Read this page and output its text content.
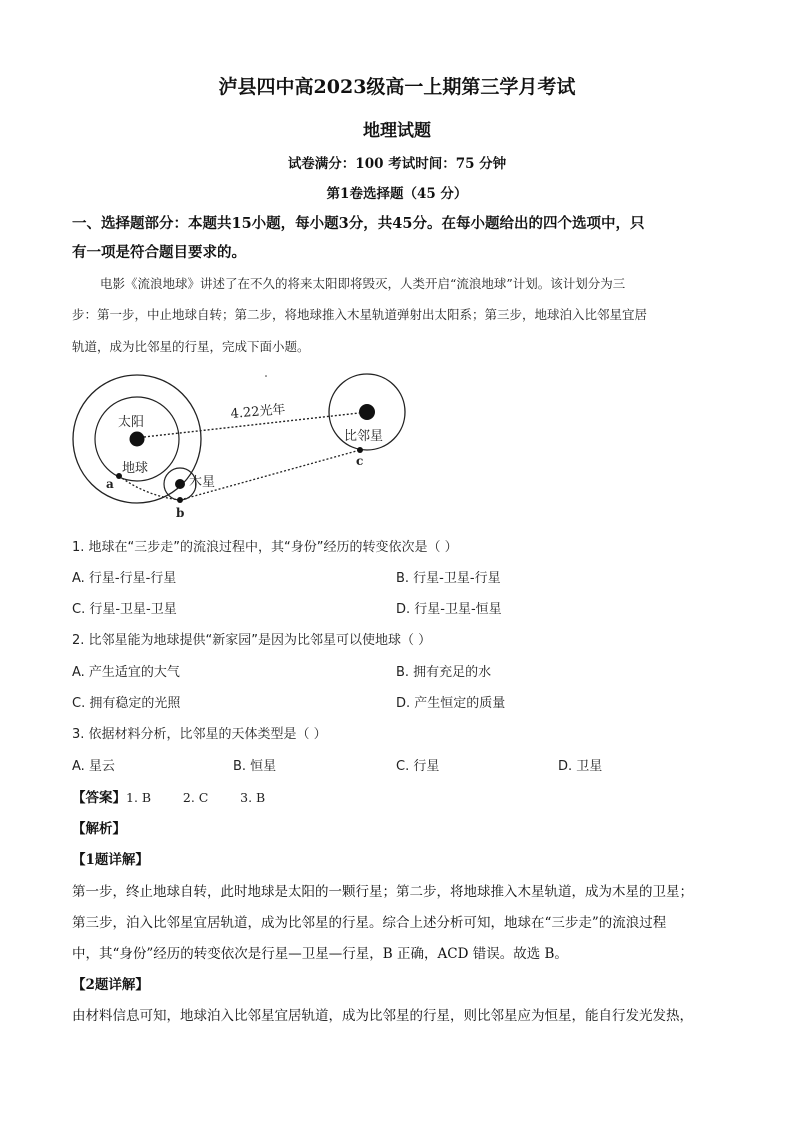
泸县四中高2023级高一上期第三学月考试
地理试题
试卷满分：100 考试时间：75 分钟
第1卷选择题（45 分）
一、选择题部分：本题共15小题，每小题3分，共45分。在每小题给出的四个选项中，只
有一项是符合题目要求的。
电影《流浪地球》讲述了在不久的将来太阳即将毁灭，人类开启“流浪地球”计划。该计划分为三
步：第一步，中止地球自转；第二步，将地球推入木星轨道弹射出太阳系；第三步，地球泊入比邻星宜居
轨道，成为比邻星的行星，完成下面小题。
太阳
地球
木星
比邻星
4.22光年
a
b
c
1. 地球在“三步走”的流浪过程中，其“身份”经历的转变依次是（ ）
A. 行星-行星-行星	B. 行星-卫星-行星
C. 行星-卫星-卫星	D. 行星-卫星-恒星
2. 比邻星能为地球提供“新家园”是因为比邻星可以使地球（ ）
A. 产生适宜的大气	B. 拥有充足的水
C. 拥有稳定的光照	D. 产生恒定的质量
3. 依据材料分析，比邻星的天体类型是（ ）
A. 星云	B. 恒星	C. 行星	D. 卫星
【答案】1. B        2. C        3. B
【解析】
【1题详解】
第一步，终止地球自转，此时地球是太阳的一颗行星；第二步，将地球推入木星轨道，成为木星的卫星；
第三步，泊入比邻星宜居轨道，成为比邻星的行星。综合上述分析可知，地球在“三步走”的流浪过程
中，其“身份”经历的转变依次是行星—卫星—行星，B 正确，ACD 错误。故选 B。
【2题详解】
由材料信息可知，地球泊入比邻星宜居轨道，成为比邻星的行星，则比邻星应为恒星，能自行发光发热，
